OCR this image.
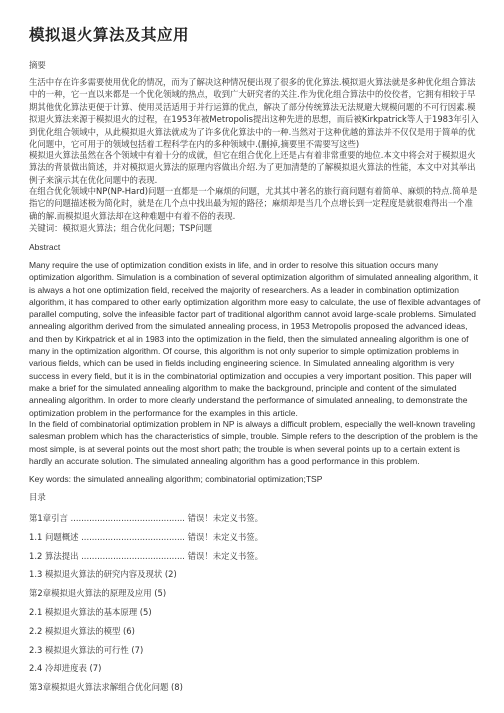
模拟退火算法及其应用
摘要

生活中存在许多需要使用优化的情况，而为了解决这种情况便出现了很多的优化算法.模拟退火算法就是多种优化组合算法中的一种，它一直以来都是一个优化领域的热点，收到广大研究者的关注.作为优化组合算法中的佼佼者，它拥有相较于早期其他优化算法更便于计算、使用灵活适用于并行运算的优点，解决了部分传统算法无法规避大规模问题的不可行因素.模拟退火算法来源于模拟退火的过程，在1953年被Metropolis提出这种先进的思想，而后被Kirkpatrick等人于1983年引入到优化组合领域中，从此模拟退火算法就成为了许多优化算法中的一种.当然对于这种优越的算法并不仅仅是用于简单的优化问题中，它可用于的领域包括着工程科学在内的多种领域中.(删掉,摘要里不需要写这些)

模拟退火算法虽然在各个领域中有着十分的成就，但它在组合优化上还是占有着非常重要的地位.本文中将会对于模拟退火算法的背景做出简述，并对模拟退火算法的原理内容做出介绍.为了更加清楚的了解模拟退火算法的性能，本文中对其举出例子来演示其在优化问题中的表现.

在组合优化领域中NP(NP-Hard)问题一直都是一个麻烦的问题，尤其其中著名的旅行商问题有着简单、麻烦的特点.简单是指它的问题描述极为简化时，就是在几个点中找出最为短的路径；麻烦却是当几个点增长到一定程度是就很难得出一个准确的解.而模拟退火算法却在这种难题中有着不俗的表现.

关键词：模拟退火算法；组合优化问题；TSP问题
Abstract

Many require the use of optimization condition exists in life, and in order to resolve this situation occurs many optimization algorithm. Simulation is a combination of several optimization algorithm of simulated annealing algorithm, it is always a hot one optimization field, received the majority of researchers. As a leader in combination optimization algorithm, it has compared to other early optimization algorithm more easy to calculate, the use of flexible advantages of parallel computing, solve the infeasible factor part of traditional algorithm cannot avoid large-scale problems. Simulated annealing algorithm derived from the simulated annealing process, in 1953 Metropolis proposed the advanced ideas, and then by Kirkpatrick et al in 1983 into the optimization in the field, then the simulated annealing algorithm is one of many in the optimization algorithm. Of course, this algorithm is not only superior to simple optimization problems in various fields, which can be used in fields including engineering science. In Simulated annealing algorithm is very success in every field, but it is in the combinatorial optimization and occupies a very important position. This paper will make a brief for the simulated annealing algorithm to make the background, principle and content of the simulated annealing algorithm. In order to more clearly understand the performance of simulated annealing, to demonstrate the optimization problem in the performance for the examples in this article.

In the field of combinatorial optimization problem in NP is always a difficult problem, especially the well-known traveling salesman problem which has the characteristics of simple, trouble. Simple refers to the description of the problem is the most simple, is at several points out the most short path; the trouble is when several points up to a certain extent is hardly an accurate solution. The simulated annealing algorithm has a good performance in this problem.

Key words: the simulated annealing algorithm; combinatorial optimization;TSP
目录

第1章引言 ........................................... 错误！未定义书签。

1.1 问题概述 ....................................... 错误！未定义书签。

1.2 算法提出 ....................................... 错误！未定义书签。

1.3 模拟退火算法的研究内容及现状 (2)

第2章模拟退火算法的原理及应用 (5)

2.1 模拟退火算法的基本原理 (5)

2.2 模拟退火算法的模型 (6)

2.3 模拟退火算法的可行性 (7)

2.4 冷却进度表 (7)

第3章模拟退火算法求解组合优化问题 (8)
